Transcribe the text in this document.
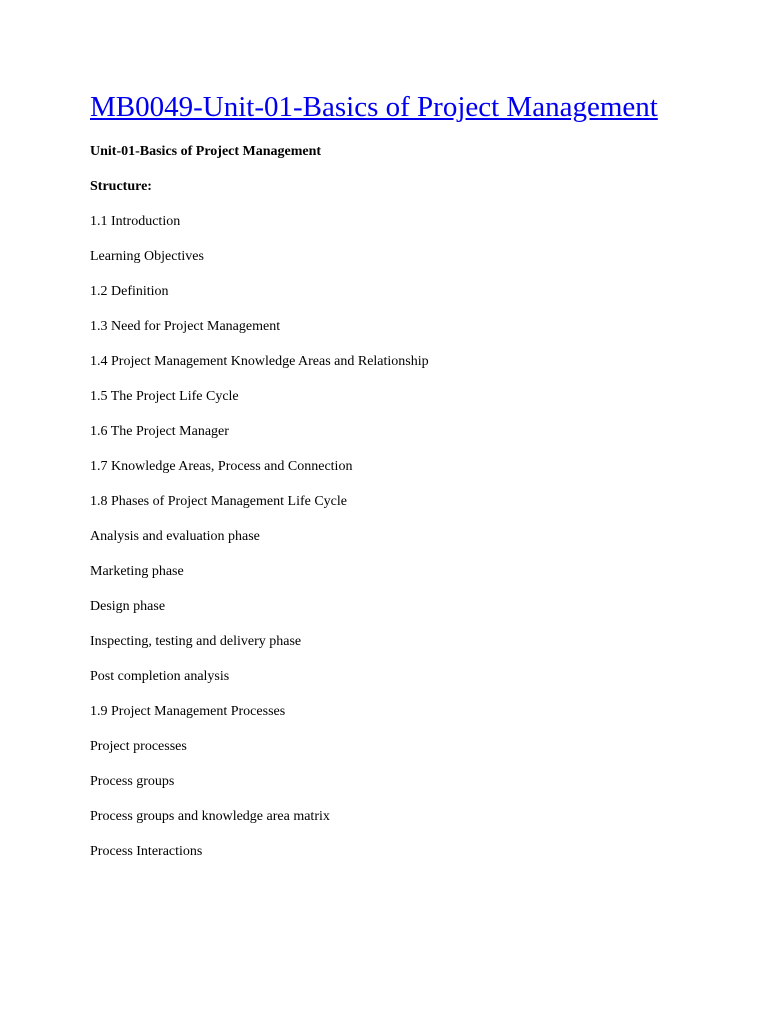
MB0049-Unit-01-Basics of Project Management
Unit-01-Basics of Project Management
Structure:
1.1 Introduction
Learning Objectives
1.2 Definition
1.3 Need for Project Management
1.4 Project Management Knowledge Areas and Relationship
1.5 The Project Life Cycle
1.6 The Project Manager
1.7 Knowledge Areas, Process and Connection
1.8 Phases of Project Management Life Cycle
Analysis and evaluation phase
Marketing phase
Design phase
Inspecting, testing and delivery phase
Post completion analysis
1.9 Project Management Processes
Project processes
Process groups
Process groups and knowledge area matrix
Process Interactions
